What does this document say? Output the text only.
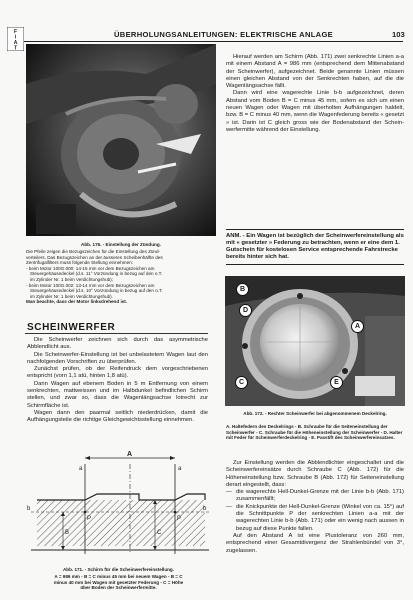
F
I
A
T
ÜBERHOLUNGSANLEITUNGEN: ELEKTRISCHE ANLAGE	103
Abb. 176. - Einstellung der Zündung.
Die Pfeile zeigen die Bezugszeichen für die Einstellung des Zünd-
verteilers. Das Bezugszeichen an der äusseren Scheibenhälfte des
Zentrifugalfilters muss folgende Stellung einnehmen:
- beim Motor 100G.000: 14-15 mm vor dem Bezugszeichen am
Steuergehäusedeckel (d.s. 11° Vorzündung in bezug auf den o.T.
im Zylinder Nr. 1 beim Verdichtungshub);
- beim Motor 100G.002: 13-14 mm vor dem Bezugszeichen am
Steuergehäusedeckel (d.s. 10° Vorzündung in bezug auf den o.T.
im Zylinder Nr. 1 beim Verdichtungshub).
Man beachte, dass der Motor linksdrehend ist.
SCHEINWERFER

Die Scheinwerfer zeichnen sich durch das asymmetrische Abblendlicht aus.

Die Scheinwerfer-Einstellung ist bei unbelastetem Wagen laut den nachfolgenden Vorschriften zu überprüfen.

Zunächst prüfen, ob der Reifendruck dem vorgeschriebenen entspricht (vorn 1,1 atü, hinten 1,8 atü).

Dann Wagen auf ebenem Boden in 5 m Entfernung von einem senkrechten, mattweissen und im Halbdunkel befindlichen Schirm stellen, und zwar so, dass die Wagenlängsachse lotrecht zur Schirmfläche ist.

Wagen dann den paarmal seitlich niederdrücken, damit die Aufhängungsteile die richtige Gleichgewichtsstellung einnehmen.

A
a	a
b	b
P	P
B	C
Abb. 171. - Schirm für die Scheinwerfereinstellung.
A = 986 mm - B = C minus 45 mm bei neuem Wagen - B = C
minus 40 mm bei Wagen mit gesetzter Federung - C = Höhe
über Boden der Scheinwerfermitte.

Hierauf werden am Schirm (Abb. 171) zwei senkrechte Linien a-a mit einem Abstand A = 986 mm (entsprechend dem Mittenabstand der Scheinwerfer), aufgezeichnet. Beide genannte Linien müssen einen gleichen Abstand von der Senkrechten haben, auf die die Wagenlängsachse fällt.

Dann wird eine wagerechte Linie b-b aufgezeichnet, deren Abstand vom Boden B = C minus 45 mm, sofern es sich um einen neuen Wagen oder Wagen mit überholten Aufhängungen haldelt, bzw. B = C minus 40 mm, wenn die Wagenfederung bereits « gesetzt » ist. Darin ist C gleich gross wie der Bodenabstand der Scheinwerfermitte während der Einstellung.

ANM. - Ein Wagen ist bezüglich der Scheinwerfereinstellung als mit « gesetzter » Federung zu betrachten, wenn er eine dem 1. Gutschein für kostelosen Service entsprechende Fahrstrecke bereits hinter sich hat.
B
D
A
C	E
Abb. 172. - Rechter Scheinwerfer bei abgenommenem Deckelring.
A. Haltefedern des Deckelrings - B. Schraube für die Seiteneinstellung der Scheinwerfer - C. Schraube für die Höheneinstellung der Scheinwerfer - D. Halter mit Feder für Scheinwerferdeckelring - E. Passtift des Scheinwerfereinsatzes.

Zur Einstellung werden die Abblendlichter eingeschaltet und die Scheinwerfereinsätze durch Schraube C (Abb. 172) für die Höheneinstellung bzw. Schraube B (Abb. 172) für Seiteneinstellung derart eingestellt, dass:

— die wagerechte Hell-Dunkel-Grenze mit der Linie b-b (Abb. 171) zusammenfällt;
— die Knickpunkte der Hell-Dunkel-Grenze (Winkel von ca. 15°) auf die Schnittpunkte P der senkrechten Linien a-a mit der wagerechten Linie b-b (Abb. 171) oder ein wenig nach aussen in bezug auf diese Punkte fallen.

Auf den Abstand A ist eine Plustoleranz von 260 mm, entsprechend einer Gesamtdivergenz der Strahlenbündel von 3°, zugelassen.
